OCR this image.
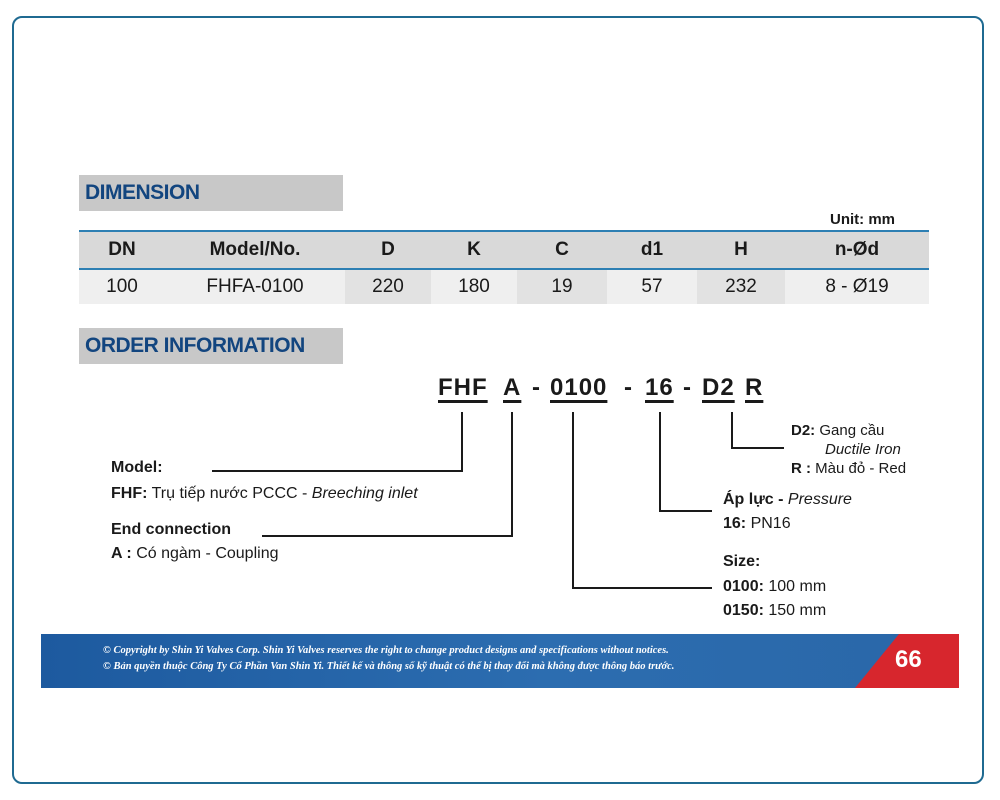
DIMENSION
Unit: mm
DN	Model/No.	D	K	C	d1	H	n-Ød
100	FHFA-0100	220	180	19	57	232	8 - Ø19
ORDER INFORMATION
FHF A - 0100 - 16 - D2 R
Model:
FHF: Trụ tiếp nước PCCC - Breeching inlet
End connection
A : Có ngàm - Coupling
D2: Gang cầu
Ductile Iron
R : Màu đỏ - Red
Áp lực - Pressure
16: PN16
Size:
0100: 100 mm
0150: 150 mm
© Copyright by Shin Yi Valves Corp. Shin Yi Valves reserves the right to change product designs and specifications without notices.
© Bản quyền thuộc Công Ty Cổ Phần Van Shin Yi. Thiết kế và thông số kỹ thuật có thể bị thay đổi mà không được thông báo trước.	66
